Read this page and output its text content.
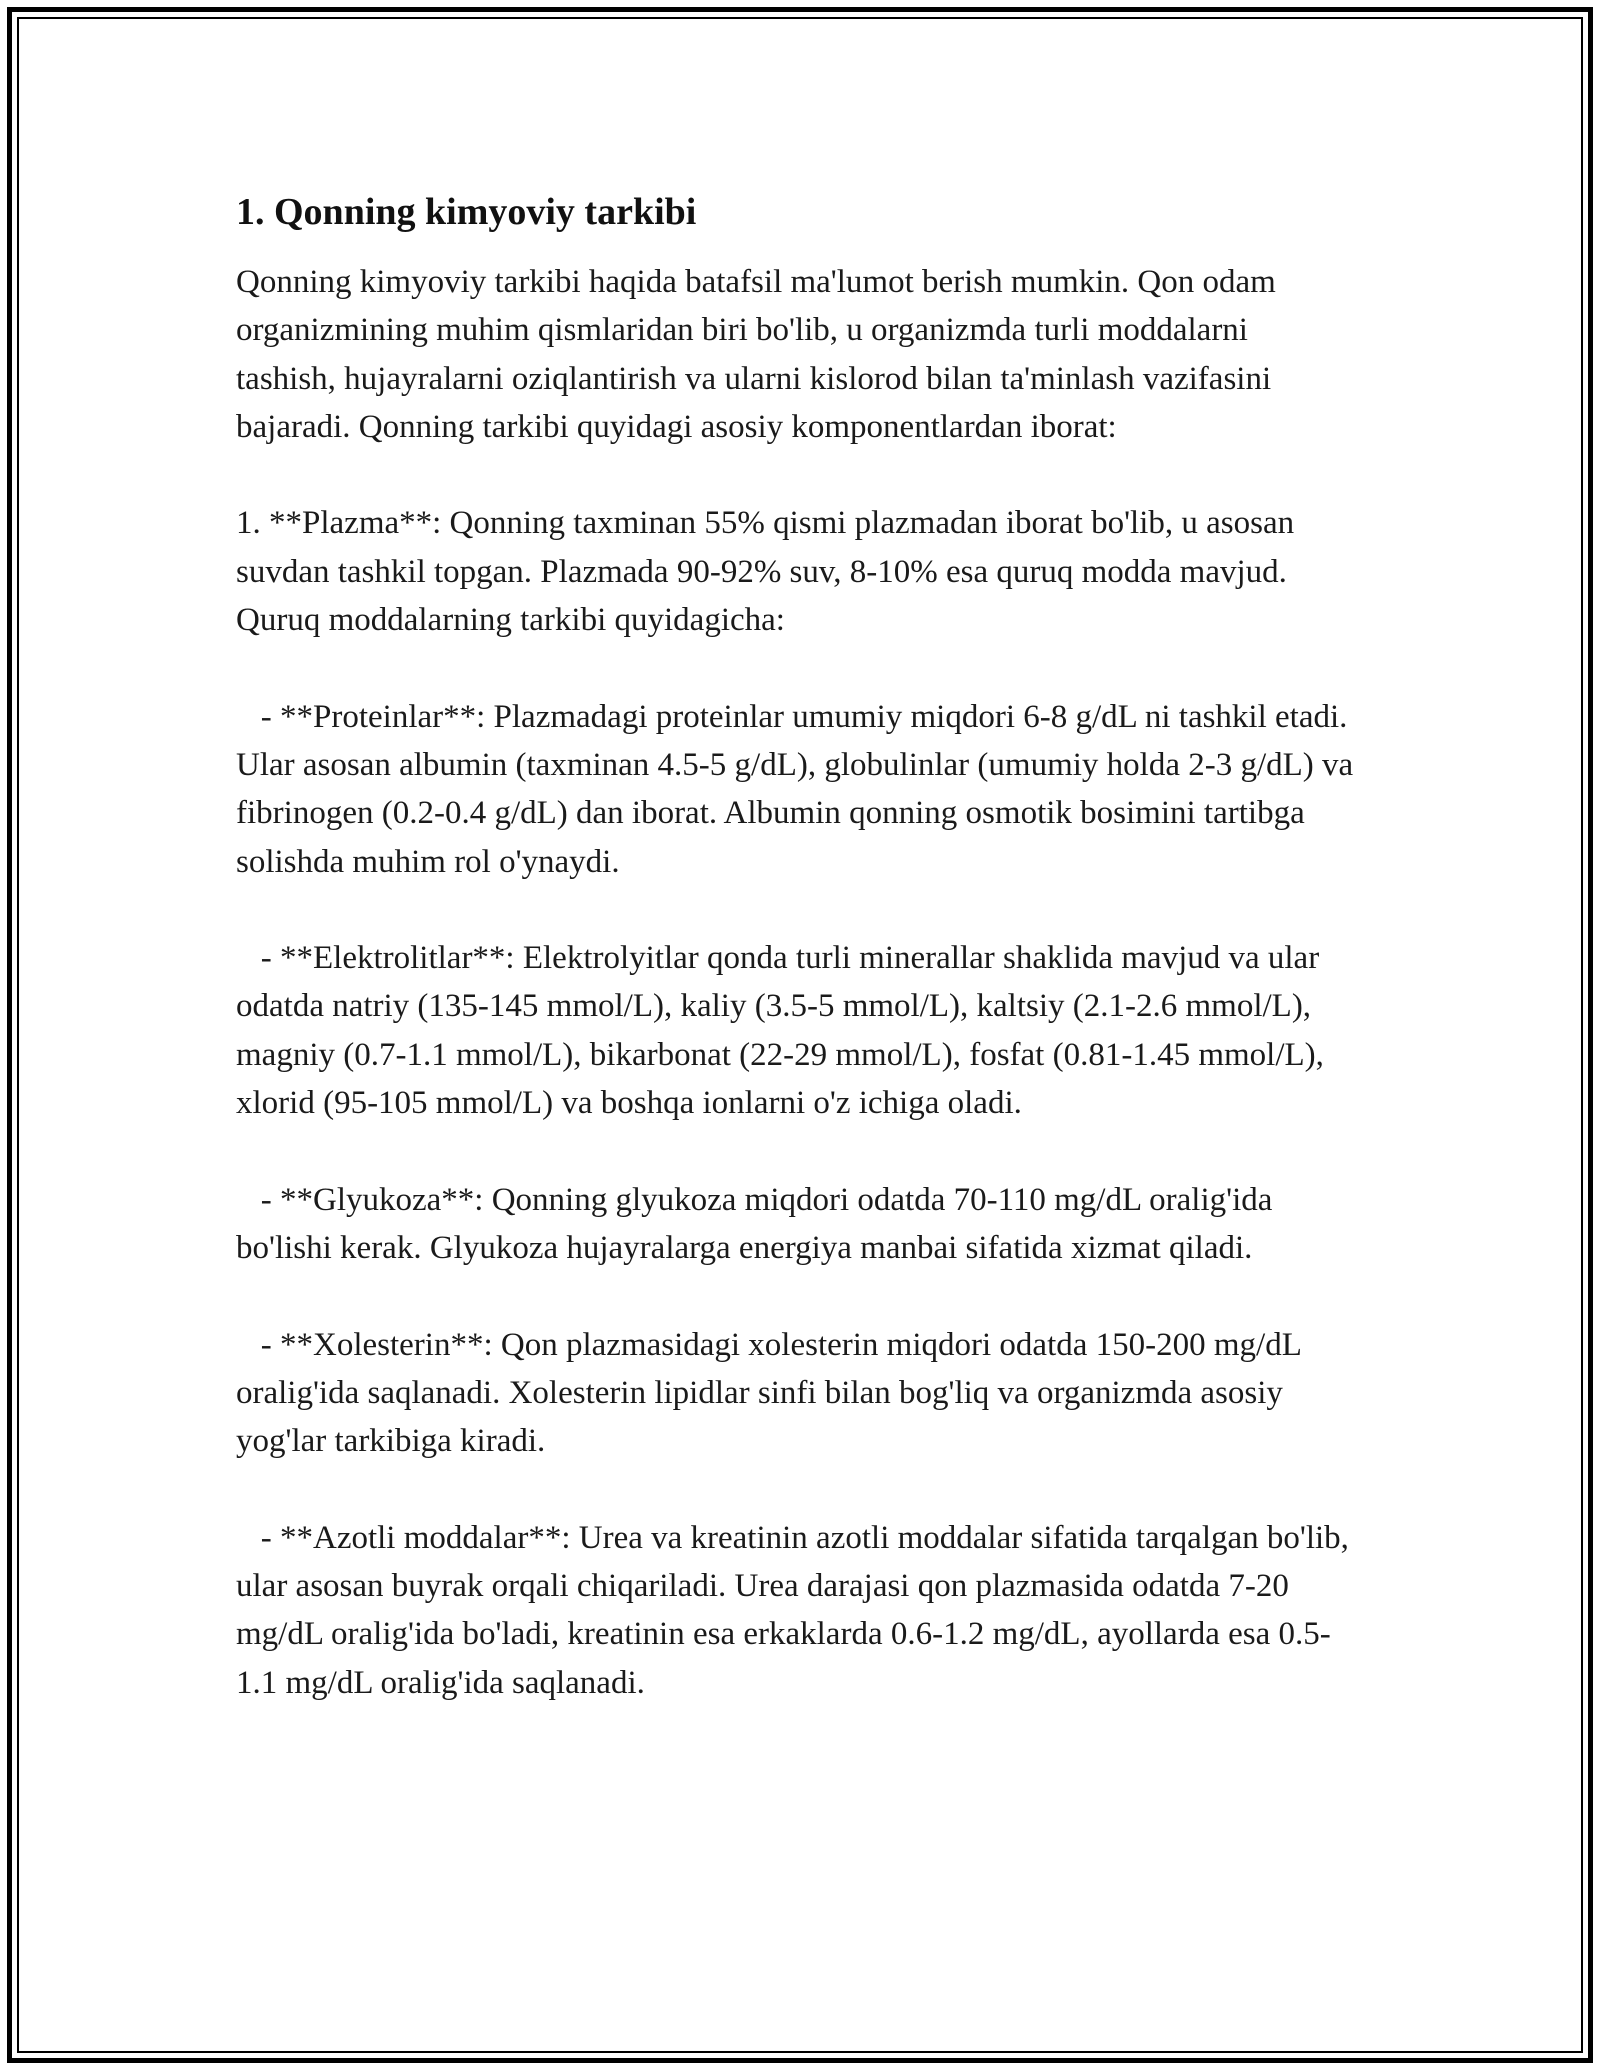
1. Qonning kimyoviy tarkibi

Qonning kimyoviy tarkibi haqida batafsil ma'lumot berish mumkin. Qon odam organizmining muhim qismlaridan biri bo'lib, u organizmda turli moddalarni tashish, hujayralarni oziqlantirish va ularni kislorod bilan ta'minlash vazifasini bajaradi. Qonning tarkibi quyidagi asosiy komponentlardan iborat:

1. **Plazma**: Qonning taxminan 55% qismi plazmadan iborat bo'lib, u asosan suvdan tashkil topgan. Plazmada 90-92% suv, 8-10% esa quruq modda mavjud. Quruq moddalarning tarkibi quyidagicha:

- **Proteinlar**: Plazmadagi proteinlar umumiy miqdori 6-8 g/dL ni tashkil etadi. Ular asosan albumin (taxminan 4.5-5 g/dL), globulinlar (umumiy holda 2-3 g/dL) va fibrinogen (0.2-0.4 g/dL) dan iborat. Albumin qonning osmotik bosimini tartibga solishda muhim rol o'ynaydi.

- **Elektrolitlar**: Elektrolyitlar qonda turli minerallar shaklida mavjud va ular odatda natriy (135-145 mmol/L), kaliy (3.5-5 mmol/L), kaltsiy (2.1-2.6 mmol/L), magniy (0.7-1.1 mmol/L), bikarbonat (22-29 mmol/L), fosfat (0.81-1.45 mmol/L), xlorid (95-105 mmol/L) va boshqa ionlarni o'z ichiga oladi.

- **Glyukoza**: Qonning glyukoza miqdori odatda 70-110 mg/dL oralig'ida bo'lishi kerak. Glyukoza hujayralarga energiya manbai sifatida xizmat qiladi.

- **Xolesterin**: Qon plazmasidagi xolesterin miqdori odatda 150-200 mg/dL oralig'ida saqlanadi. Xolesterin lipidlar sinfi bilan bog'liq va organizmda asosiy yog'lar tarkibiga kiradi.

- **Azotli moddalar**: Urea va kreatinin azotli moddalar sifatida tarqalgan bo'lib, ular asosan buyrak orqali chiqariladi. Urea darajasi qon plazmasida odatda 7-20 mg/dL oralig'ida bo'ladi, kreatinin esa erkaklarda 0.6-1.2 mg/dL, ayollarda esa 0.5-1.1 mg/dL oralig'ida saqlanadi.
